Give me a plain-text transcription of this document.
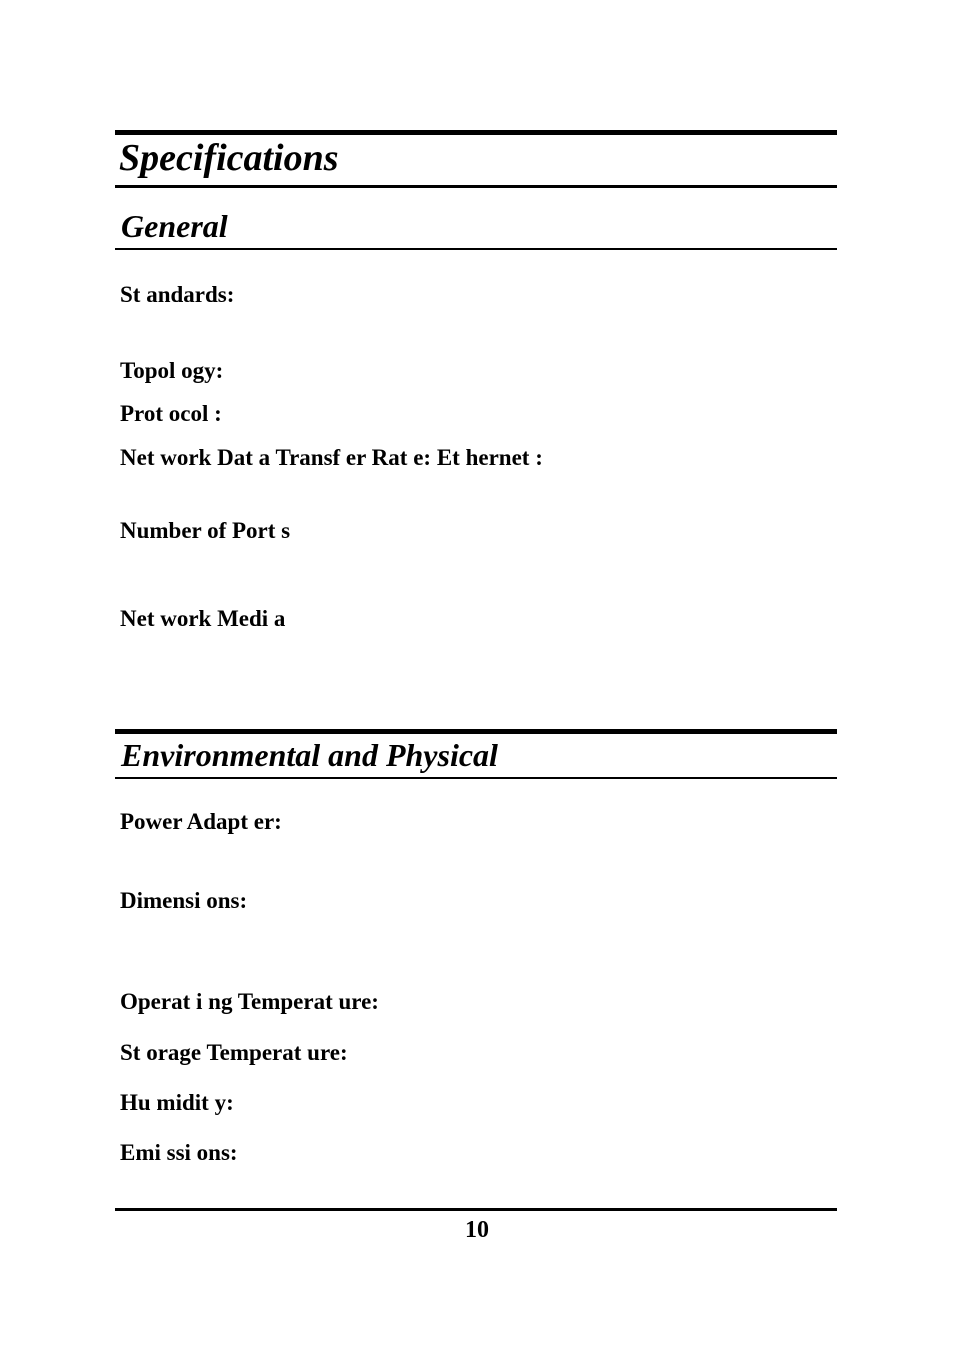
Specifications
General

St andards:

Topol ogy:

Prot ocol :

Net work Dat a Transf er Rat e: Et hernet :

Number of Port s

Net work Medi a

Environmental and Physical

Power Adapt er:

Dimensi ons:

Operat i ng Temperat ure:

St orage Temperat ure:

Hu midit y:

Emi ssi ons:

10
